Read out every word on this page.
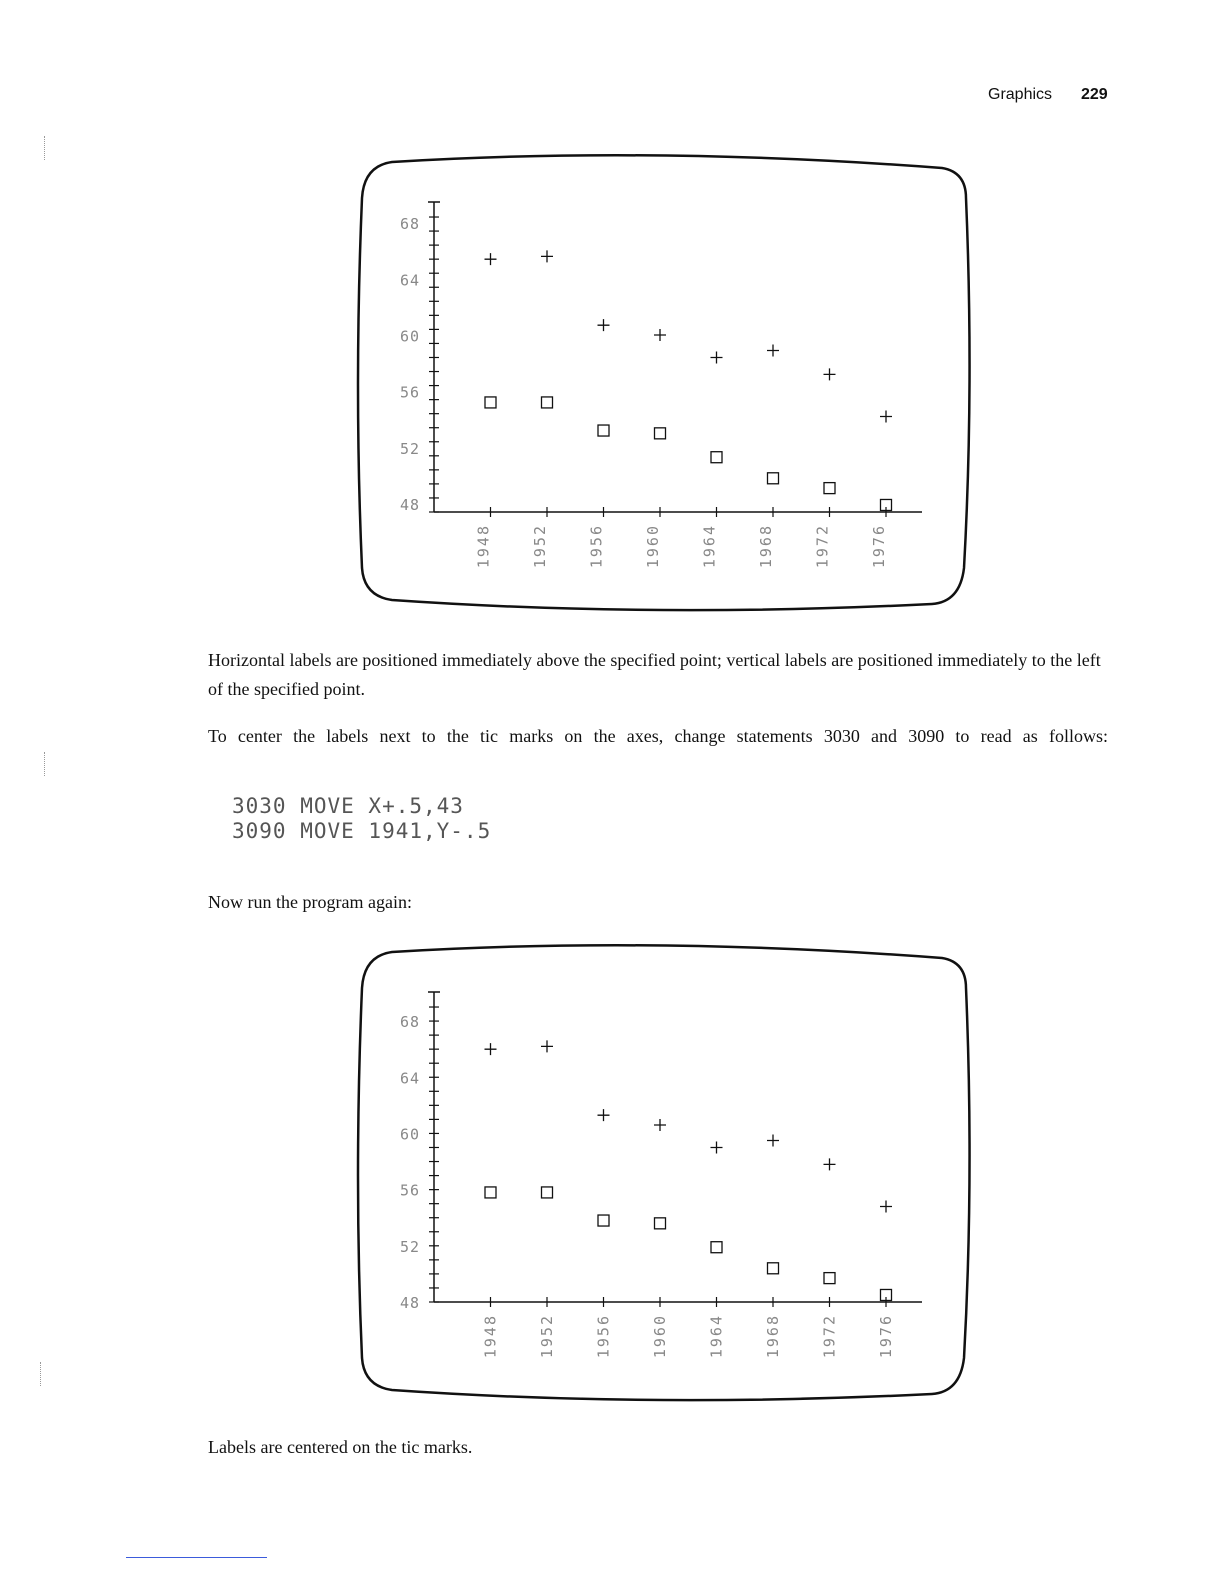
Graphics 229
68
64
60
56
52
48
1948	1952	1956	1960	1964	1968	1972	1976

Horizontal labels are positioned immediately above the specified point; vertical labels are positioned immediately to the left of the specified point.

To center the labels next to the tic marks on the axes, change statements 3030 and 3090 to read as follows:

3030 MOVE X+.5,43
3090 MOVE 1941,Y-.5

Now run the program again:

68
64
60
56
52
48
1948	1952	1956	1960	1964	1968	1972	1976

Labels are centered on the tic marks.
